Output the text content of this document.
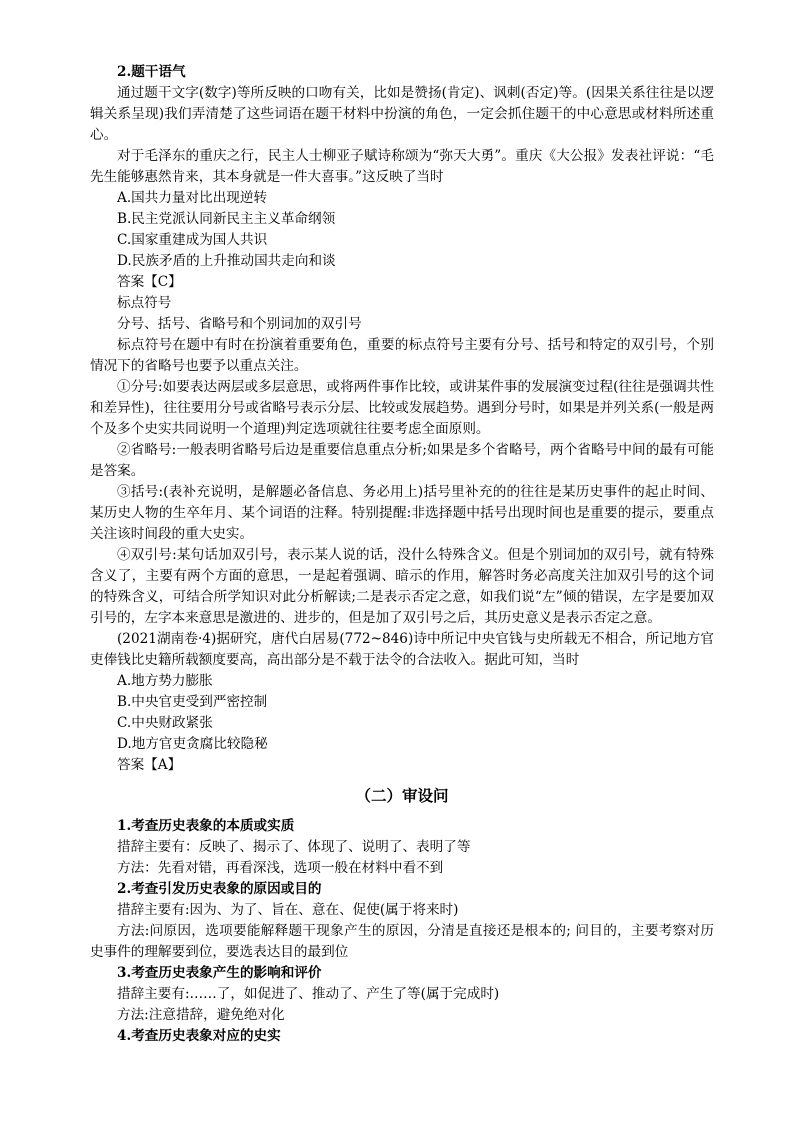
2.题干语气

通过题干文字(数字)等所反映的口吻有关，比如是赞扬(肯定)、讽刺(否定)等。(因果关系往往是以逻辑关系呈现)我们弄清楚了这些词语在题干材料中扮演的角色，一定会抓住题干的中心意思或材料所述重心。

对于毛泽东的重庆之行，民主人士柳亚子赋诗称颂为“弥天大勇”。重庆《大公报》发表社评说：“毛先生能够惠然肯来，其本身就是一件大喜事。”这反映了当时

A.国共力量对比出现逆转

B.民主党派认同新民主主义革命纲领

C.国家重建成为国人共识

D.民族矛盾的上升推动国共走向和谈

答案【C】

标点符号

分号、括号、省略号和个别词加的双引号

标点符号在题中有时在扮演着重要角色，重要的标点符号主要有分号、括号和特定的双引号，个别情况下的省略号也要予以重点关注。

①分号:如要表达两层或多层意思，或将两件事作比较，或讲某件事的发展演变过程(往往是强调共性和差异性)，往往要用分号或省略号表示分层、比较或发展趋势。遇到分号时，如果是并列关系(一般是两个及多个史实共同说明一个道理)判定选项就往往要考虑全面原则。

②省略号:一般表明省略号后边是重要信息重点分析;如果是多个省略号，两个省略号中间的最有可能是答案。

③括号:(表补充说明，是解题必备信息、务必用上)括号里补充的的往往是某历史事件的起止时间、某历史人物的生卒年月、某个词语的注释。特别提醒:非选择题中括号出现时间也是重要的提示，要重点关注该时间段的重大史实。

④双引号:某句话加双引号，表示某人说的话，没什么特殊含义。但是个别词加的双引号，就有特殊含义了，主要有两个方面的意思，一是起着强调、暗示的作用，解答时务必高度关注加双引号的这个词的特殊含义，可结合所学知识对此分析解读;二是表示否定之意，如我们说“左”倾的错误，左字是要加双引号的，左字本来意思是激进的、进步的，但是加了双引号之后，其历史意义是表示否定之意。

(2021湖南卷·4)据研究，唐代白居易(772~846)诗中所记中央官钱与史所载无不相合，所记地方官吏俸钱比史籍所载额度要高，高出部分是不载于法令的合法收入。据此可知，当时

A.地方势力膨胀

B.中央官吏受到严密控制

C.中央财政紧张

D.地方官吏贪腐比较隐秘

答案【A】

（二）审设问

1.考查历史表象的本质或实质

措辞主要有：反映了、揭示了、体现了、说明了、表明了等

方法：先看对错，再看深浅，选项一般在材料中看不到

2.考查引发历史表象的原因或目的

措辞主要有:因为、为了、旨在、意在、促使(属于将来时)

方法:问原因，选项要能解释题干现象产生的原因，分清是直接还是根本的; 问目的，主要考察对历史事件的理解要到位，要选表达目的最到位

3.考查历史表象产生的影响和评价

措辞主要有:……了，如促进了、推动了、产生了等(属于完成时)

方法:注意措辞，避免绝对化

4.考查历史表象对应的史实
